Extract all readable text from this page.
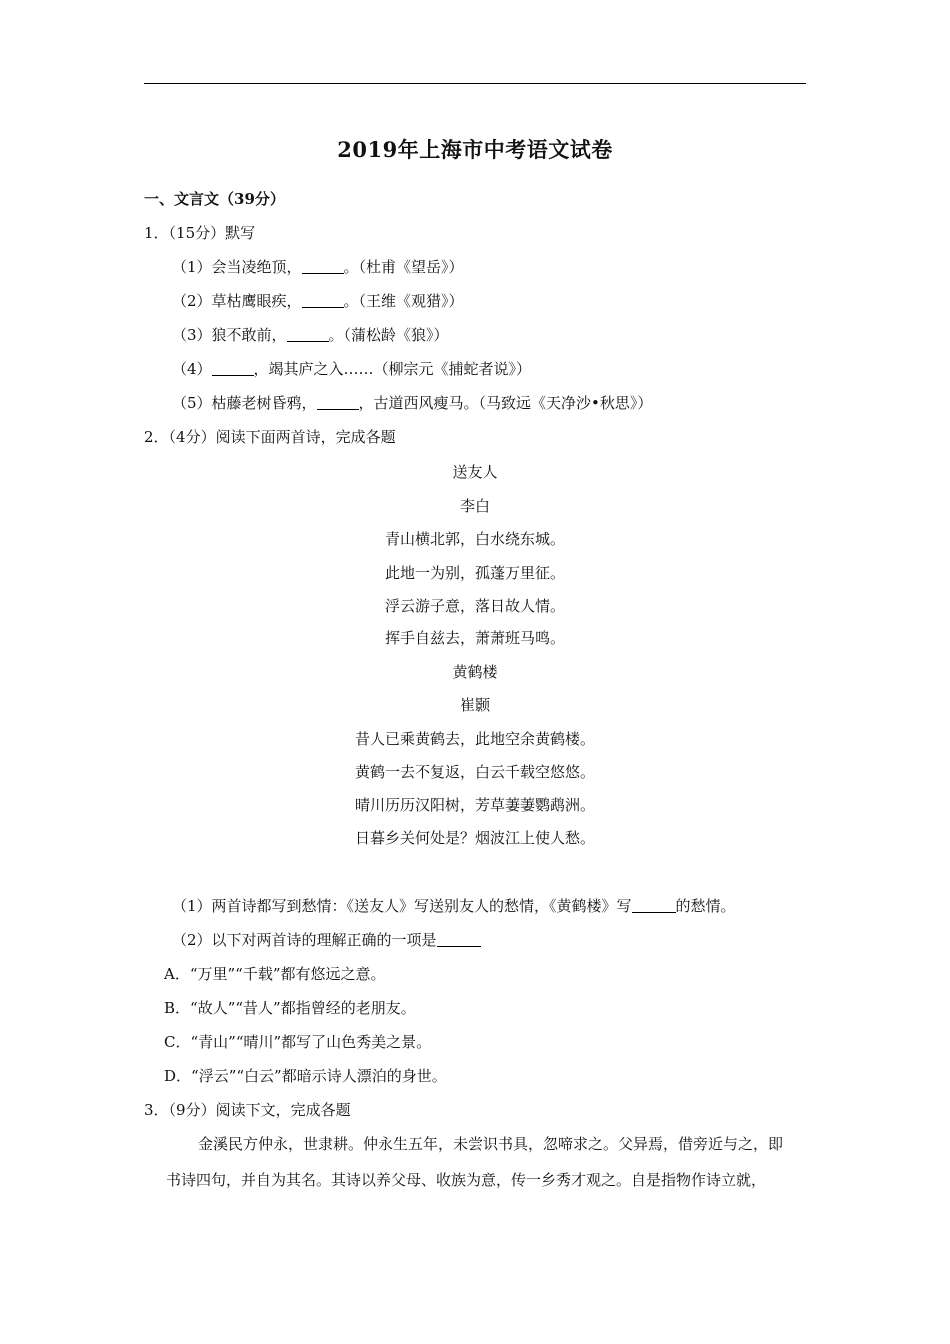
2019年上海市中考语文试卷
一、文言文（39分）
1．（15分）默写
（1）会当凌绝顶，	。（杜甫《望岳》）
（2）草枯鹰眼疾，	。（王维《观猎》）
（3）狼不敢前，	。（蒲松龄《狼》）
（4）	，竭其庐之入……（柳宗元《捕蛇者说》）
（5）枯藤老树昏鸦，	，古道西风瘦马。（马致远《天净沙•秋思》）
2．（4分）阅读下面两首诗，完成各题
送友人
李白
青山横北郭，白水绕东城。
此地一为别，孤蓬万里征。
浮云游子意，落日故人情。
挥手自兹去，萧萧班马鸣。
黄鹤楼
崔颢
昔人已乘黄鹤去，此地空余黄鹤楼。
黄鹤一去不复返，白云千载空悠悠。
晴川历历汉阳树，芳草萋萋鹦鹉洲。
日暮乡关何处是？烟波江上使人愁。
（1）两首诗都写到愁情：《送友人》写送别友人的愁情，《黄鹤楼》写	的愁情。
（2）以下对两首诗的理解正确的一项是
A．“万里”“千载”都有悠远之意。
B．“故人”“昔人”都指曾经的老朋友。
C．“青山”“晴川”都写了山色秀美之景。
D．“浮云”“白云”都暗示诗人漂泊的身世。
3．（9分）阅读下文，完成各题
金溪民方仲永，世隶耕。仲永生五年，未尝识书具，忽啼求之。父异焉，借旁近与之，即
书诗四句，并自为其名。其诗以养父母、收族为意，传一乡秀才观之。自是指物作诗立就，
